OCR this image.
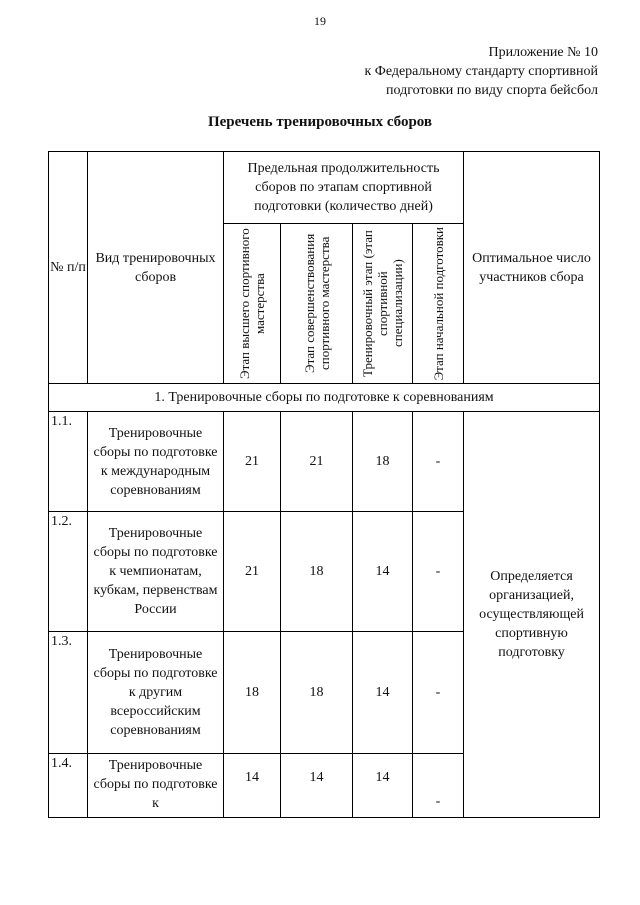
19
Приложение № 10
к Федеральному стандарту спортивной
подготовки по виду спорта бейсбол
Перечень тренировочных сборов
№ п/п	Вид тренировочных сборов	Предельная продолжительность сборов по этапам спортивной подготовки (количество дней)				Оптимальное число участников сбора

		Этап высшего спортивного мастерства	Этап совершенствования спортивного мастерства	Тренировочный этап (этап спортивной специализации)	Этап начальной подготовки	

1. Тренировочные сборы по подготовке к соревнованиям						
1.1.	Тренировочные сборы по подготовке к международным соревнованиям	21	21	18	-	Определяется организацией, осуществляющей спортивную подготовку
1.2.	Тренировочные сборы по подготовке к чемпионатам, кубкам, первенствам России	21	18	14	-	
1.3.	Тренировочные сборы по подготовке к другим всероссийским соревнованиям	18	18	14	-	
1.4.	Тренировочные сборы по подготовке к	14	14	14	-	
